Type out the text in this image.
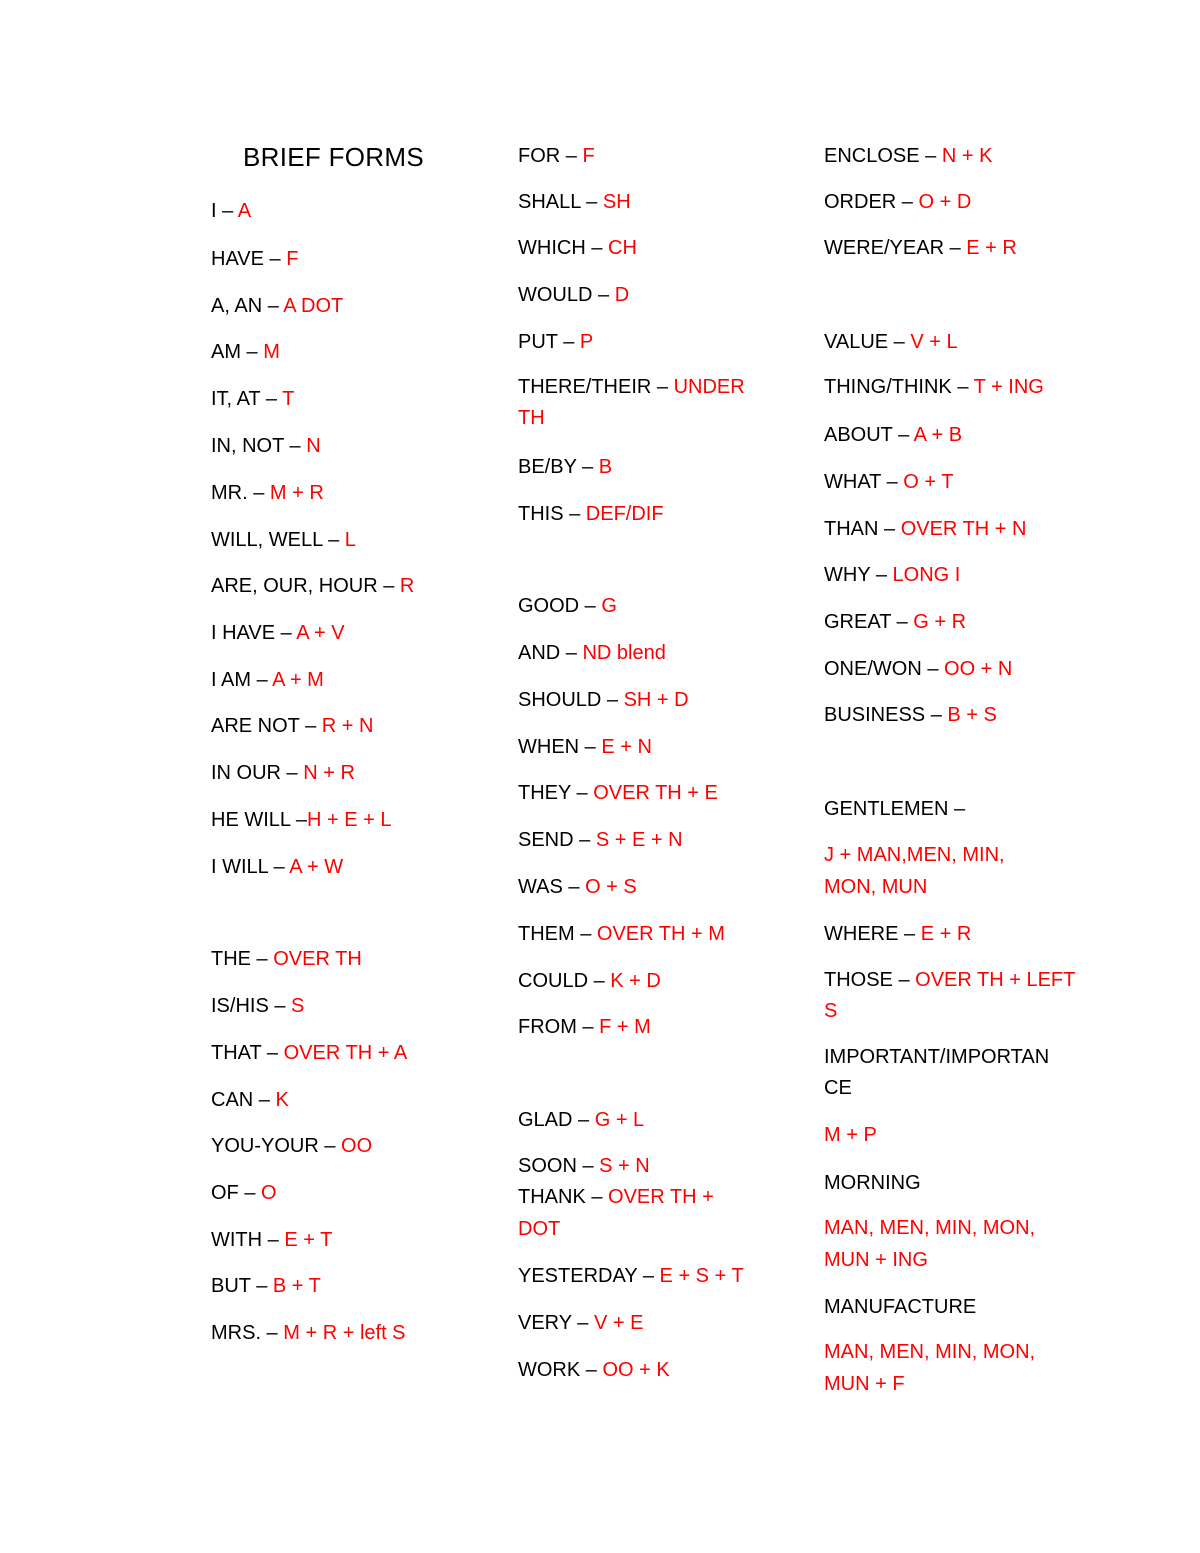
BRIEF FORMS
I – A
HAVE – F
A, AN – A DOT
AM – M
IT, AT – T
IN, NOT – N
MR. – M + R
WILL, WELL – L
ARE, OUR, HOUR – R
I HAVE – A + V
I AM – A + M
ARE NOT – R + N
IN OUR – N + R
HE WILL –H + E + L
I WILL – A + W
THE – OVER TH
IS/HIS – S
THAT – OVER TH + A
CAN – K
YOU-YOUR – OO
OF – O
WITH – E + T
BUT – B + T
MRS. – M + R + left S
FOR – F
SHALL – SH
WHICH – CH
WOULD – D
PUT – P
THERE/THEIR – UNDER
TH
BE/BY – B
THIS – DEF/DIF
GOOD – G
AND – ND blend
SHOULD – SH + D
WHEN – E + N
THEY – OVER TH + E
SEND – S + E + N
WAS – O + S
THEM – OVER TH + M
COULD – K + D
FROM – F + M
GLAD – G + L
SOON – S + N
THANK – OVER TH +
DOT
YESTERDAY – E + S + T
VERY – V + E
WORK – OO + K
ENCLOSE – N + K
ORDER – O + D
WERE/YEAR – E + R
VALUE – V + L
THING/THINK – T + ING
ABOUT – A + B
WHAT – O + T
THAN – OVER TH + N
WHY – LONG I
GREAT – G + R
ONE/WON – OO + N
BUSINESS – B + S
GENTLEMEN –
J + MAN,MEN, MIN,
MON, MUN
WHERE – E + R
THOSE – OVER TH + LEFT
S
IMPORTANT/IMPORTAN
CE
M + P
MORNING
MAN, MEN, MIN, MON,
MUN + ING
MANUFACTURE
MAN, MEN, MIN, MON,
MUN + F
